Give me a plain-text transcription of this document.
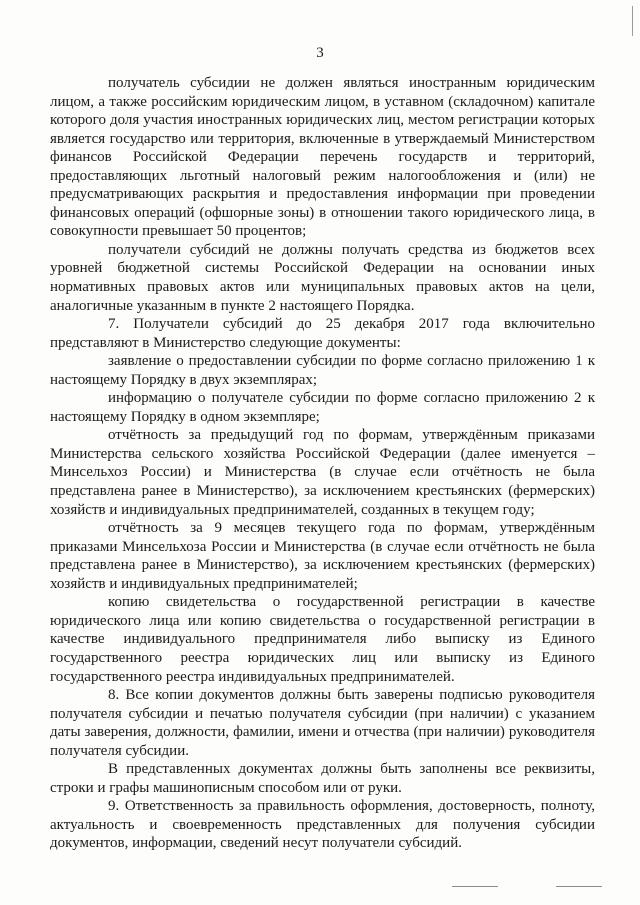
3

получатель субсидии не должен являться иностранным юридическим лицом, а также российским юридическим лицом, в уставном (складочном) капитале которого доля участия иностранных юридических лиц, местом регистрации которых является государство или территория, включенные в утверждаемый Министерством финансов Российской Федерации перечень государств и территорий, предоставляющих льготный налоговый режим налогообложения и (или) не предусматривающих раскрытия и предоставления информации при проведении финансовых операций (офшорные зоны) в отношении такого юридического лица, в совокупности превышает 50 процентов;

получатели субсидий не должны получать средства из бюджетов всех уровней бюджетной системы Российской Федерации на основании иных нормативных правовых актов или муниципальных правовых актов на цели, аналогичные указанным в пункте 2 настоящего Порядка.

7. Получатели субсидий до 25 декабря 2017 года включительно представляют в Министерство следующие документы:

заявление о предоставлении субсидии по форме согласно приложению 1 к настоящему Порядку в двух экземплярах;

информацию о получателе субсидии по форме согласно приложению 2 к настоящему Порядку в одном экземпляре;

отчётность за предыдущий год по формам, утверждённым приказами Министерства сельского хозяйства Российской Федерации (далее именуется – Минсельхоз России) и Министерства (в случае если отчётность не была представлена ранее в Министерство), за исключением крестьянских (фермерских) хозяйств и индивидуальных предпринимателей, созданных в текущем году;

отчётность за 9 месяцев текущего года по формам, утверждённым приказами Минсельхоза России и Министерства (в случае если отчётность не была представлена ранее в Министерство), за исключением крестьянских (фермерских) хозяйств и индивидуальных предпринимателей;

копию свидетельства о государственной регистрации в качестве юридического лица или копию свидетельства о государственной регистрации в качестве индивидуального предпринимателя либо выписку из Единого государственного реестра юридических лиц или выписку из Единого государственного реестра индивидуальных предпринимателей.

8. Все копии документов должны быть заверены подписью руководителя получателя субсидии и печатью получателя субсидии (при наличии) с указанием даты заверения, должности, фамилии, имени и отчества (при наличии) руководителя получателя субсидии.

В представленных документах должны быть заполнены все реквизиты, строки и графы машинописным способом или от руки.

9. Ответственность за правильность оформления, достоверность, полноту, актуальность и своевременность представленных для получения субсидии документов, информации, сведений несут получатели субсидий.
